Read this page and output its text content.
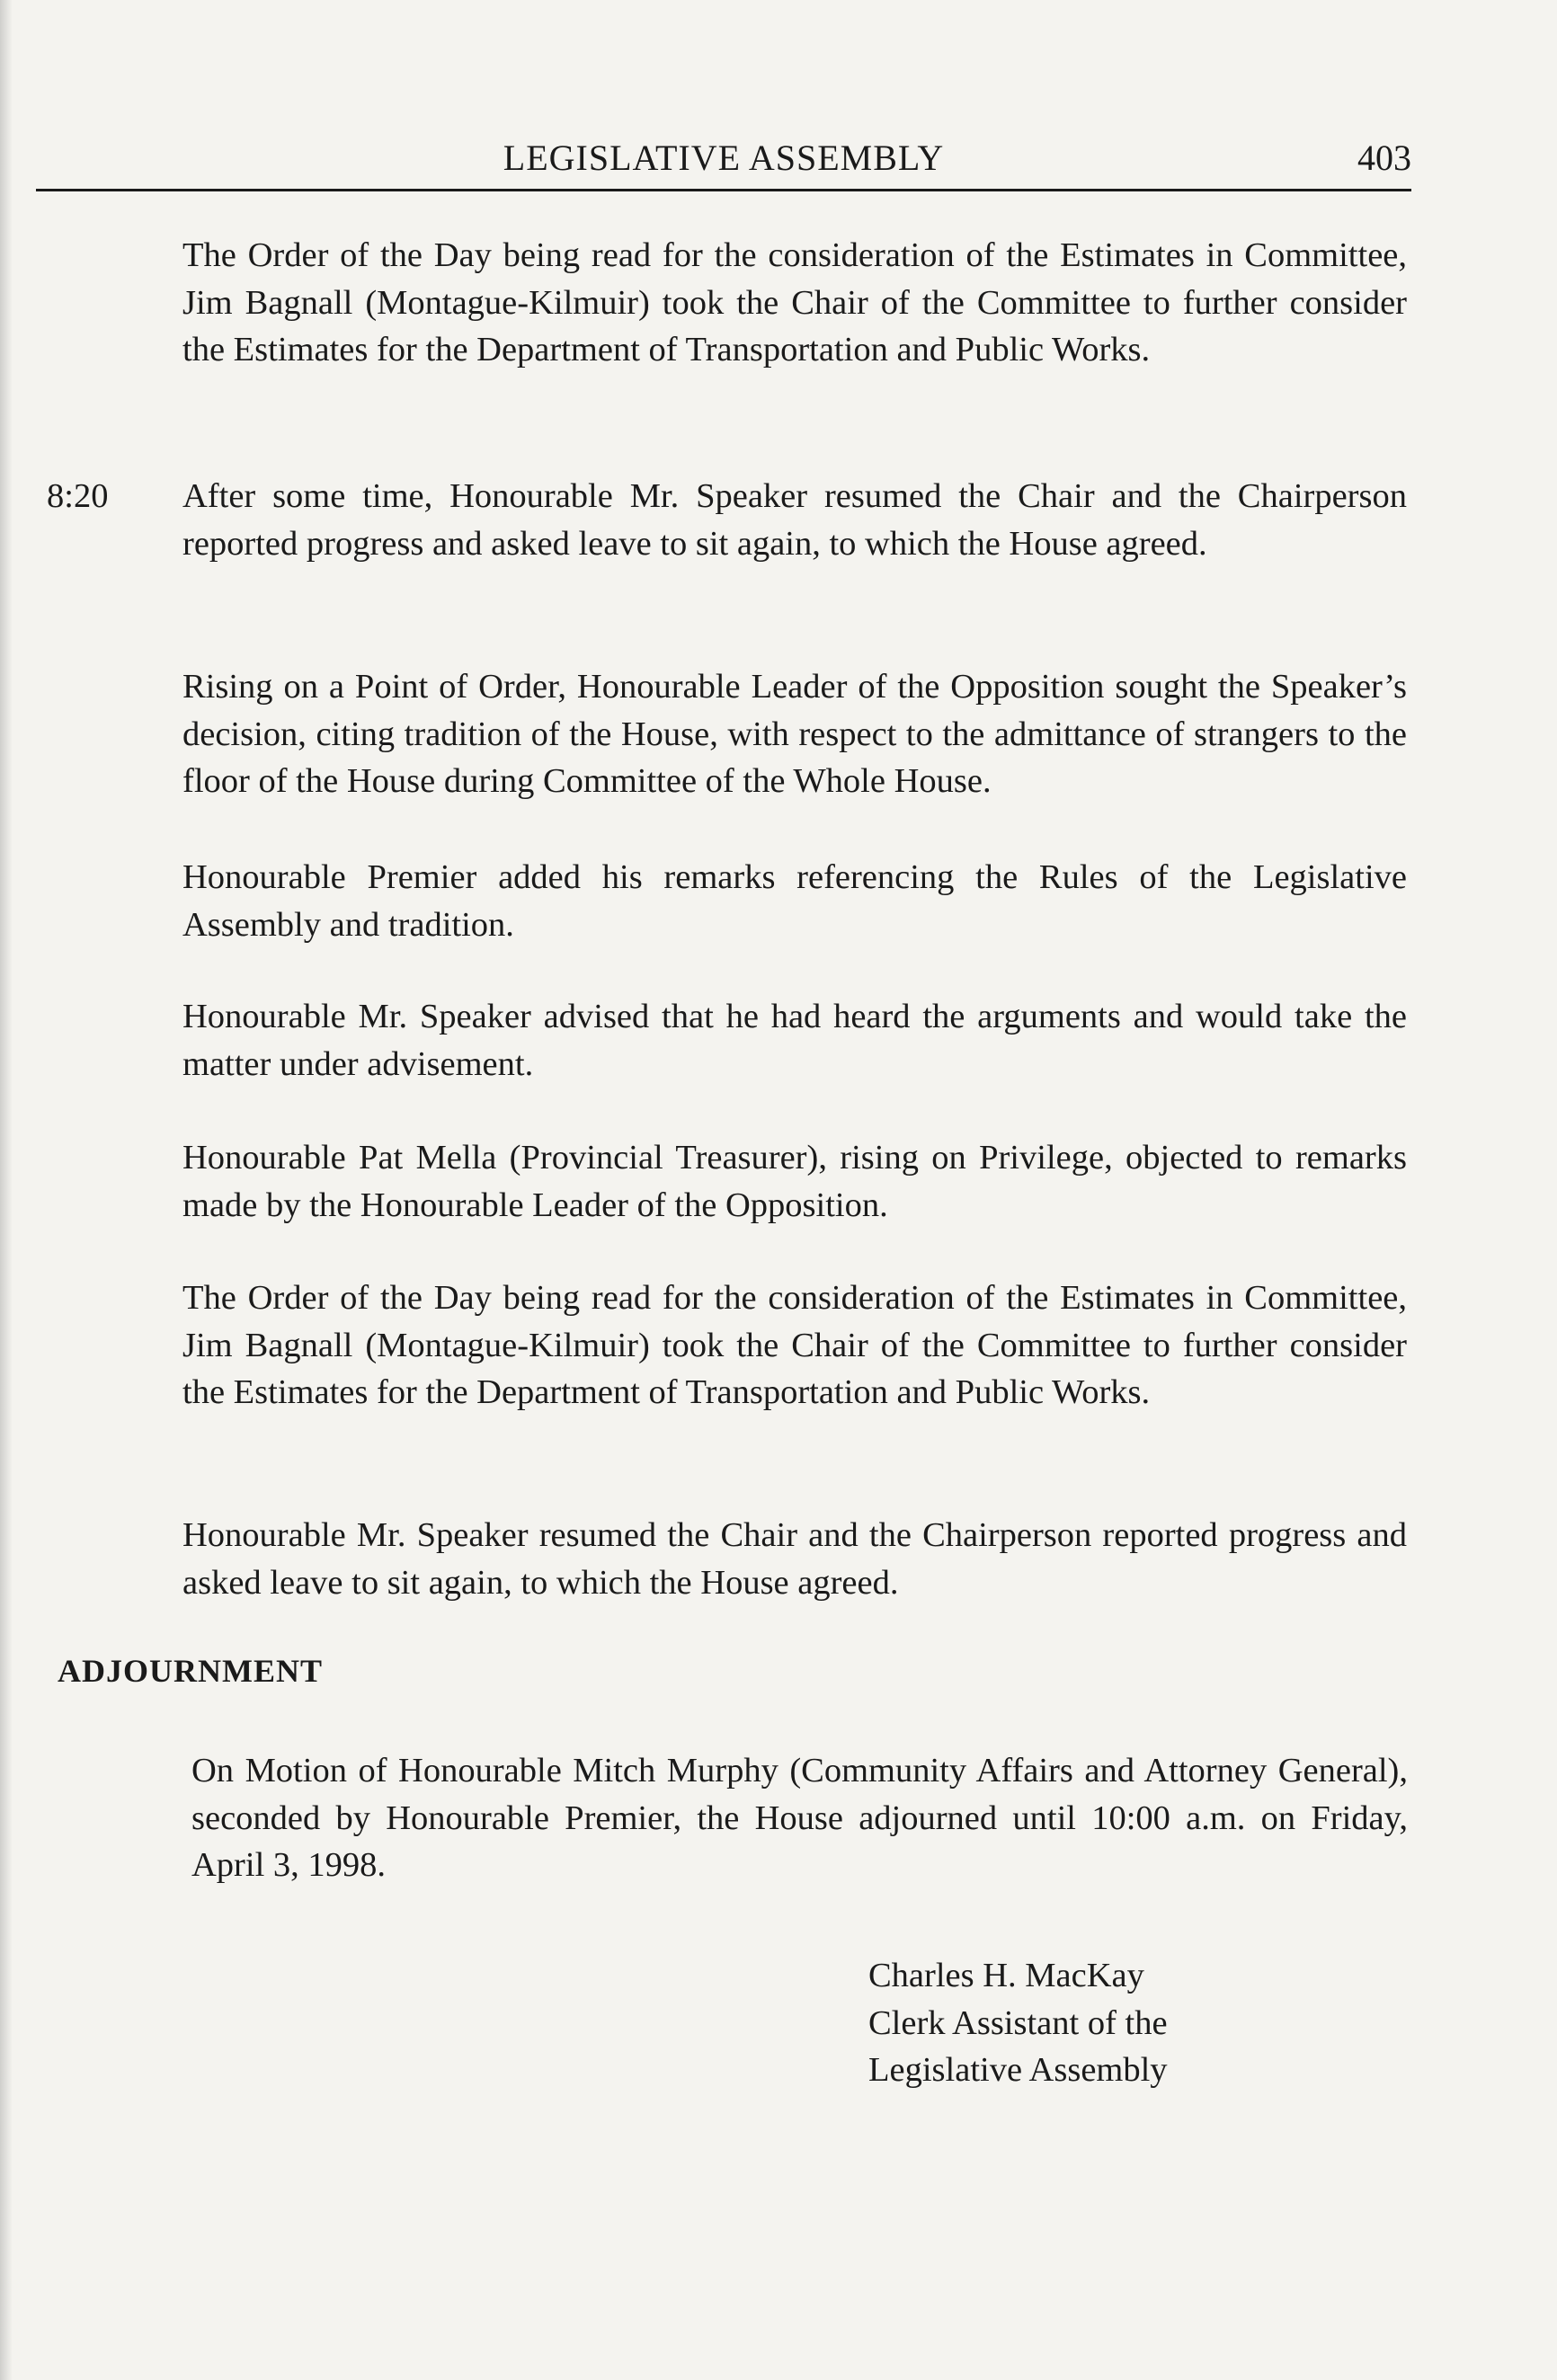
LEGISLATIVE ASSEMBLY	403

The Order of the Day being read for the consideration of the Estimates in Committee, Jim Bagnall (Montague-Kilmuir) took the Chair of the Committee to further consider the Estimates for the Department of Transportation and Public Works.

8:20 After some time, Honourable Mr. Speaker resumed the Chair and the Chairperson reported progress and asked leave to sit again, to which the House agreed.

Rising on a Point of Order, Honourable Leader of the Opposition sought the Speaker’s decision, citing tradition of the House, with respect to the admittance of strangers to the floor of the House during Committee of the Whole House.

Honourable Premier added his remarks referencing the Rules of the Legislative Assembly and tradition.

Honourable Mr. Speaker advised that he had heard the arguments and would take the matter under advisement.

Honourable Pat Mella (Provincial Treasurer), rising on Privilege, objected to remarks made by the Honourable Leader of the Opposition.

The Order of the Day being read for the consideration of the Estimates in Committee, Jim Bagnall (Montague-Kilmuir) took the Chair of the Committee to further consider the Estimates for the Department of Transportation and Public Works.

Honourable Mr. Speaker resumed the Chair and the Chairperson reported progress and asked leave to sit again, to which the House agreed.

ADJOURNMENT

On Motion of Honourable Mitch Murphy (Community Affairs and Attorney General), seconded by Honourable Premier, the House adjourned until 10:00 a.m. on Friday, April 3, 1998.

Charles H. MacKay
Clerk Assistant of the
Legislative Assembly
